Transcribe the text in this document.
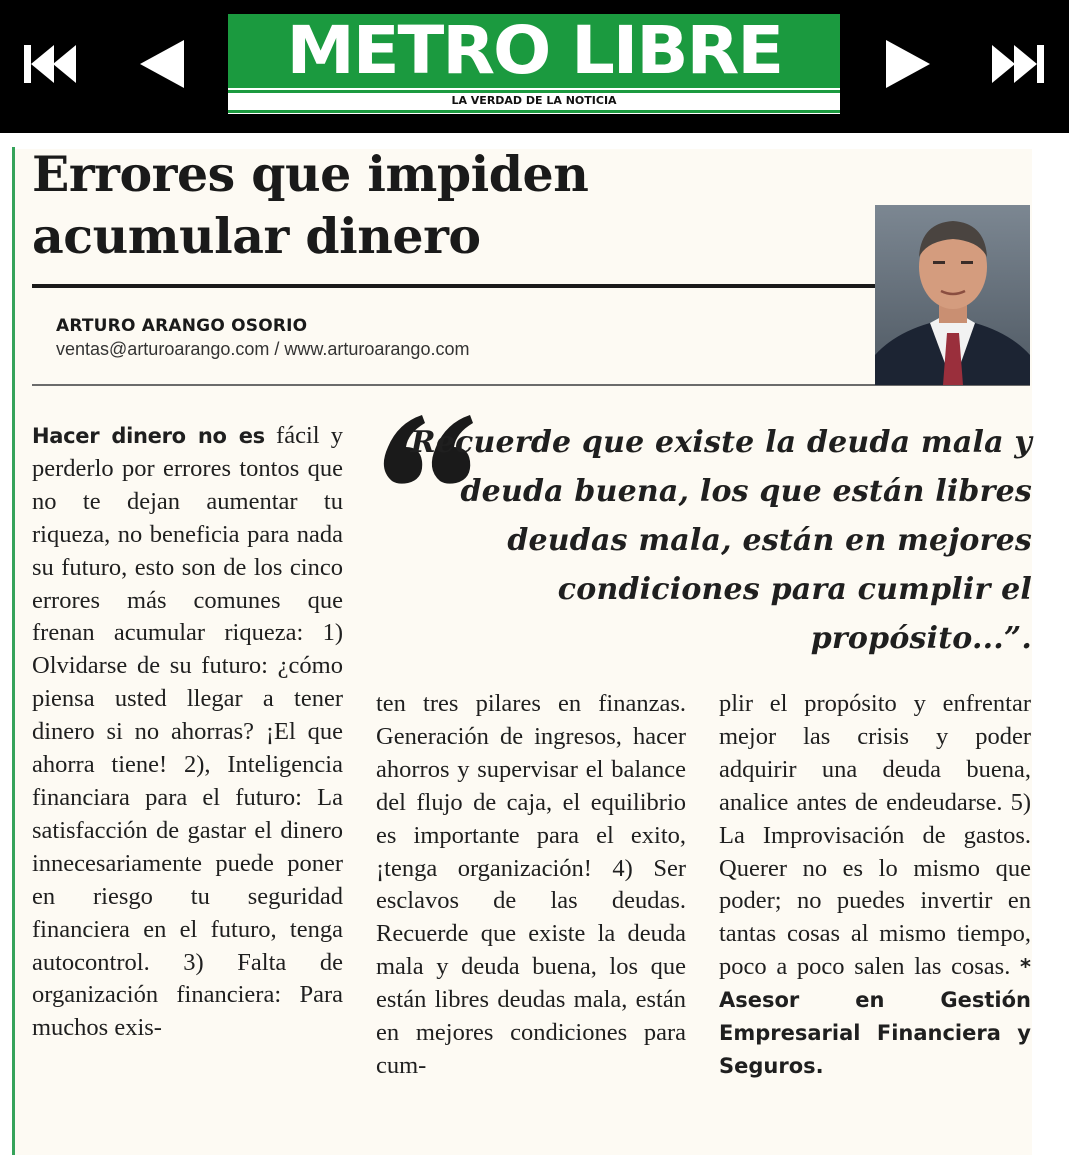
METRO LIBRE
LA VERDAD DE LA NOTICIA
Errores que impiden acumular dinero
ARTURO ARANGO OSORIO
ventas@arturoarango.com / www.arturoarango.com
Hacer dinero no es fácil y perderlo por errores tontos que no te dejan aumentar tu riqueza, no beneficia para nada su futuro, esto son de los cinco errores más comunes que frenan acumular riqueza: 1) Olvidarse de su futuro: ¿cómo piensa usted llegar a tener dinero si no ahorras? ¡El que ahorra tiene! 2), Inteligencia financiara para el futuro: La satisfacción de gastar el dinero innecesariamente puede poner en riesgo tu seguridad financiera en el futuro, tenga autocontrol. 3) Falta de organización financiera: Para muchos exis-
Recuerde que existe la deuda mala y deuda buena, los que están libres deudas mala, están en mejores condiciones para cumplir el propósito...”.
ten tres pilares en finanzas. Generación de ingresos, hacer ahorros y supervisar el balance del flujo de caja, el equilibrio es importante para el exito, ¡tenga organización! 4) Ser esclavos de las deudas. Recuerde que existe la deuda mala y deuda buena, los que están libres deudas mala, están en mejores condiciones para cum-
plir el propósito y enfrentar mejor las crisis y poder adquirir una deuda buena, analice antes de endeudarse. 5) La Improvisación de gastos. Querer no es lo mismo que poder; no puedes invertir en tantas cosas al mismo tiempo, poco a poco salen las cosas. * Asesor en Gestión Empresarial Financiera y Seguros.
